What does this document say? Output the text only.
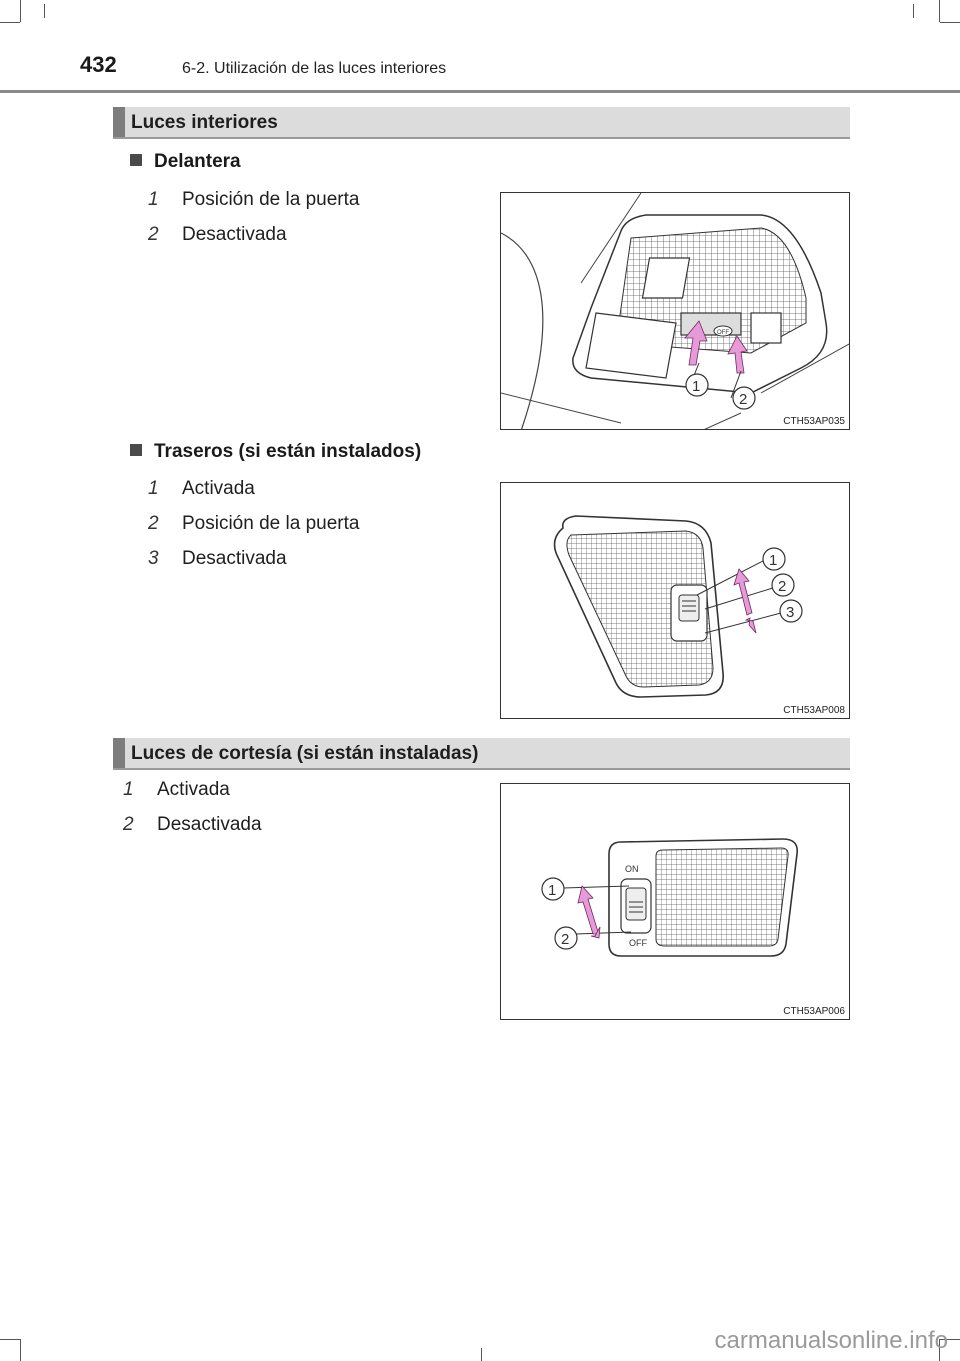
432	6-2. Utilización de las luces interiores
Luces interiores
Delantera
1 Posición de la puerta
2 Desactivada
OFF
1
2
CTH53AP035
Traseros (si están instalados)
1 Activada
2 Posición de la puerta
3 Desactivada	1
2
3
CTH53AP008
Luces de cortesía (si están instaladas)
1 Activada
2 Desactivada
ON
OFF
1
2
CTH53AP006
carmanualsonline.info
